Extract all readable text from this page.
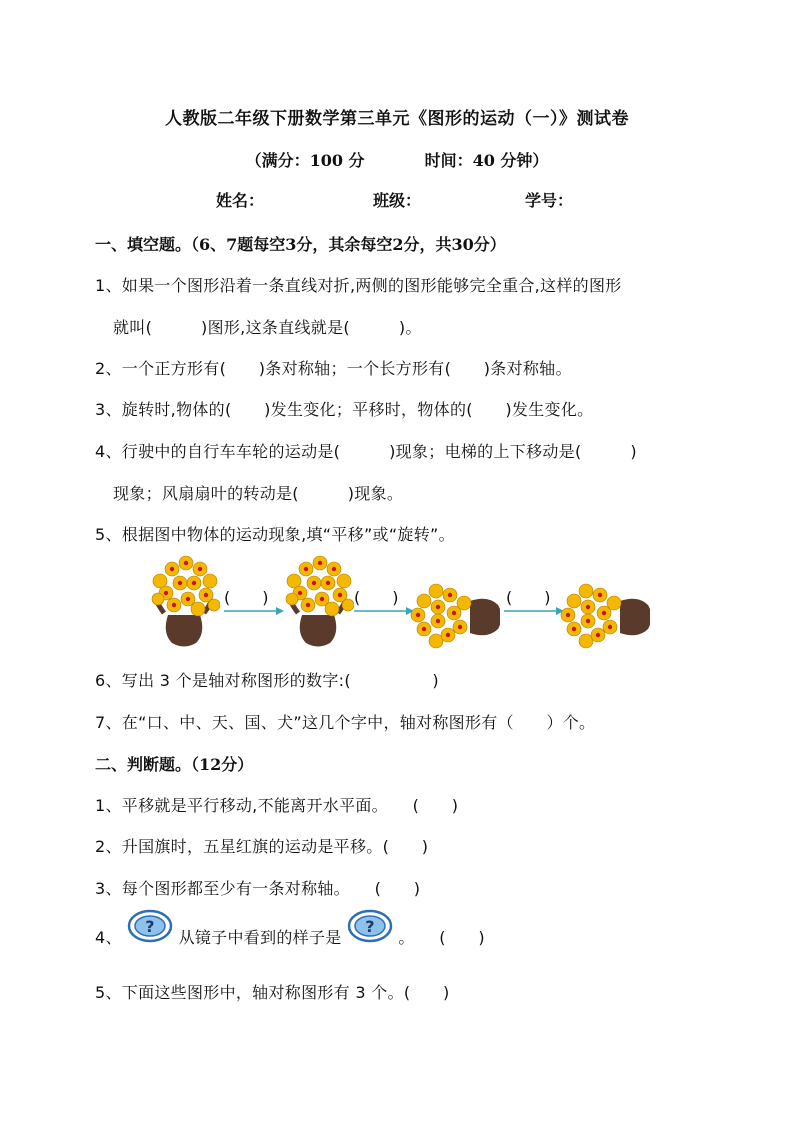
人教版二年级下册数学第三单元《图形的运动（一）》测试卷
（满分：100 分	时间：40 分钟）
姓名：	班级：	学号：
一、填空题。（6、7题每空3分，其余每空2分，共30分）
1、如果一个图形沿着一条直线对折,两侧的图形能够完全重合,这样的图形
就叫(　　　)图形,这条直线就是(　　　)。
2、一个正方形有(　　)条对称轴；一个长方形有(　　)条对称轴。
3、旋转时,物体的(　　)发生变化；平移时，物体的(　　)发生变化。
4、行驶中的自行车车轮的运动是(　　　)现象；电梯的上下移动是(　　　)
现象；风扇扇叶的转动是(　　　)现象。
5、根据图中物体的运动现象,填“平移”或“旋转”。
(　　)	(　　)	(　　)
6、写出 3 个是轴对称图形的数字:(　　　　　)
7、在“口、中、天、国、犬”这几个字中，轴对称图形有（　　）个。
二、判断题。（12分）
1、平移就是平行移动,不能离开水平面。　　(　　)
2、升国旗时，五星红旗的运动是平移。(　　)
3、每个图形都至少有一条对称轴。　　(　　)
4、
?
从镜子中看到的样子是
?
。　　(　　)
5、下面这些图形中，轴对称图形有 3 个。(　　)
